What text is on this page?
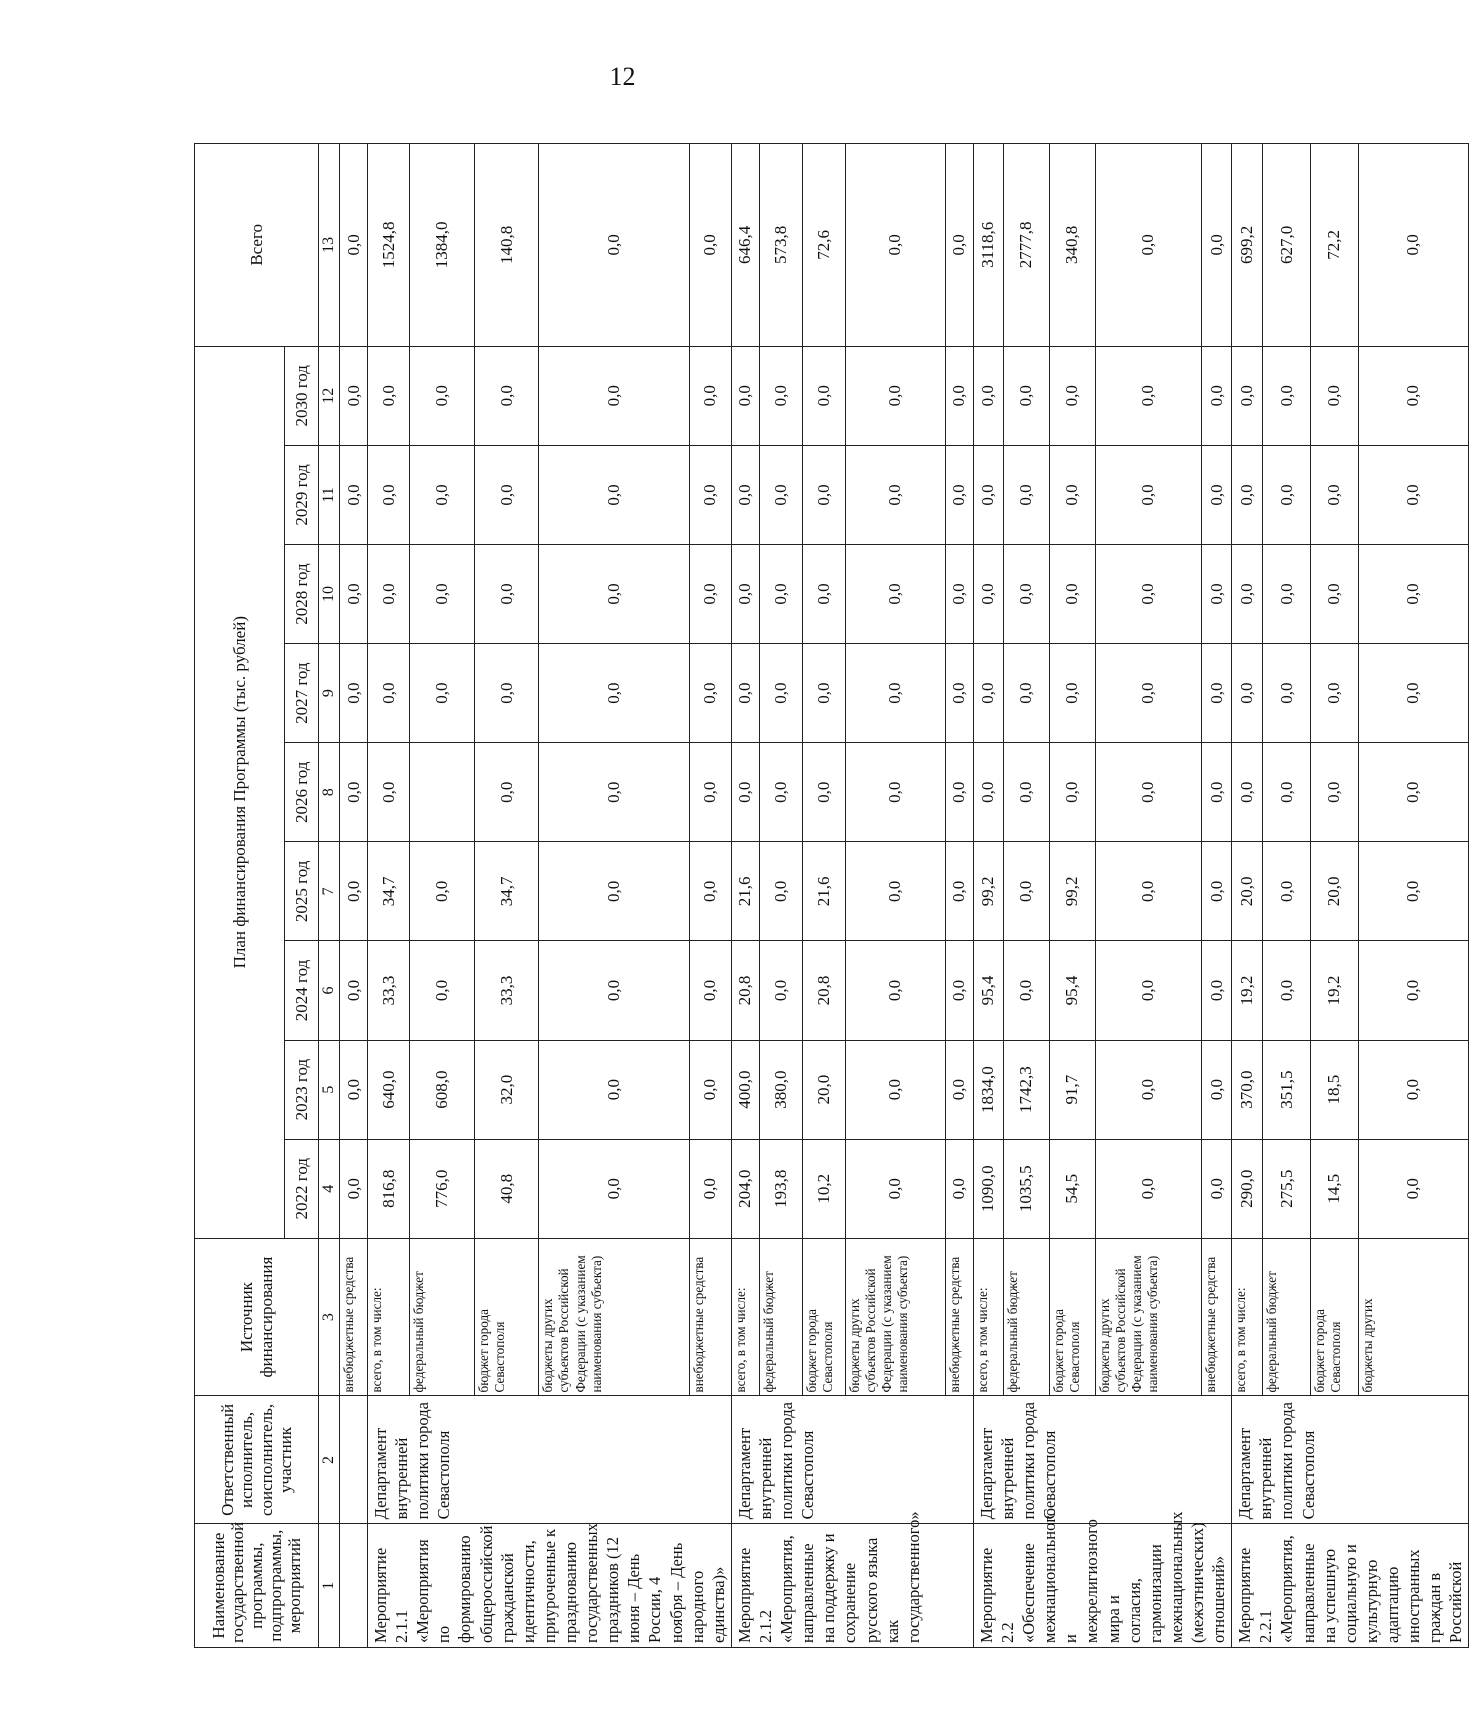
12
Наименование государственной программы, подпрограммы, мероприятий	Ответственный исполнитель, соисполнитель, участник	Источник финансирования	План финансирования Программы (тыс. рублей)									Всего
			2022 год	2023 год	2024 год	2025 год	2026 год	2027 год	2028 год	2029 год	2030 год	
1	2	3	4	5	6	7	8	9	10	11	12	13
		внебюджетные средства	0,0	0,0	0,0	0,0	0,0	0,0	0,0	0,0	0,0	0,0
Мероприятие 2.1.1 «Мероприятия по формированию общероссийской гражданской идентичности, приуроченные к празднованию государственных праздников (12 июня – День России, 4 ноября – День народного единства)»	Департамент внутренней политики города Севастополя	всего, в том числе:	816,8	640,0	33,3	34,7	0,0	0,0	0,0	0,0	0,0	1524,8
		федеральный бюджет	776,0	608,0	0,0	0,0		0,0	0,0	0,0	0,0	1384,0
		бюджет города Севастополя	40,8	32,0	33,3	34,7	0,0	0,0	0,0	0,0	0,0	140,8
		бюджеты других субъектов Российской Федерации (с указанием наименования субъекта)	0,0	0,0	0,0	0,0	0,0	0,0	0,0	0,0	0,0	0,0
		внебюджетные средства	0,0	0,0	0,0	0,0	0,0	0,0	0,0	0,0	0,0	0,0
Мероприятие 2.1.2 «Мероприятия, направленные на поддержку и сохранение русского языка как государственного»	Департамент внутренней политики города Севастополя	всего, в том числе:	204,0	400,0	20,8	21,6	0,0	0,0	0,0	0,0	0,0	646,4
		федеральный бюджет	193,8	380,0	0,0	0,0	0,0	0,0	0,0	0,0	0,0	573,8
		бюджет города Севастополя	10,2	20,0	20,8	21,6	0,0	0,0	0,0	0,0	0,0	72,6
		бюджеты других субъектов Российской Федерации (с указанием наименования субъекта)	0,0	0,0	0,0	0,0	0,0	0,0	0,0	0,0	0,0	0,0
		внебюджетные средства	0,0	0,0	0,0	0,0	0,0	0,0	0,0	0,0	0,0	0,0
Мероприятие 2.2 «Обеспечение межнационального и межрелигиозного мира и согласия, гармонизации межнациональных (межэтнических) отношений»	Департамент внутренней политики города Севастополя	всего, в том числе:	1090,0	1834,0	95,4	99,2	0,0	0,0	0,0	0,0	0,0	3118,6
		федеральный бюджет	1035,5	1742,3	0,0	0,0	0,0	0,0	0,0	0,0	0,0	2777,8
		бюджет города Севастополя	54,5	91,7	95,4	99,2	0,0	0,0	0,0	0,0	0,0	340,8
		бюджеты других субъектов Российской Федерации (с указанием наименования субъекта)	0,0	0,0	0,0	0,0	0,0	0,0	0,0	0,0	0,0	0,0
		внебюджетные средства	0,0	0,0	0,0	0,0	0,0	0,0	0,0	0,0	0,0	0,0
Мероприятие 2.2.1 «Мероприятия, направленные на успешную социальную и культурную адаптацию иностранных граждан в Российской	Департамент внутренней политики города Севастополя	всего, в том числе:	290,0	370,0	19,2	20,0	0,0	0,0	0,0	0,0	0,0	699,2
		федеральный бюджет	275,5	351,5	0,0	0,0	0,0	0,0	0,0	0,0	0,0	627,0
		бюджет города Севастополя	14,5	18,5	19,2	20,0	0,0	0,0	0,0	0,0	0,0	72,2
		бюджеты других	0,0	0,0	0,0	0,0	0,0	0,0	0,0	0,0	0,0	0,0
